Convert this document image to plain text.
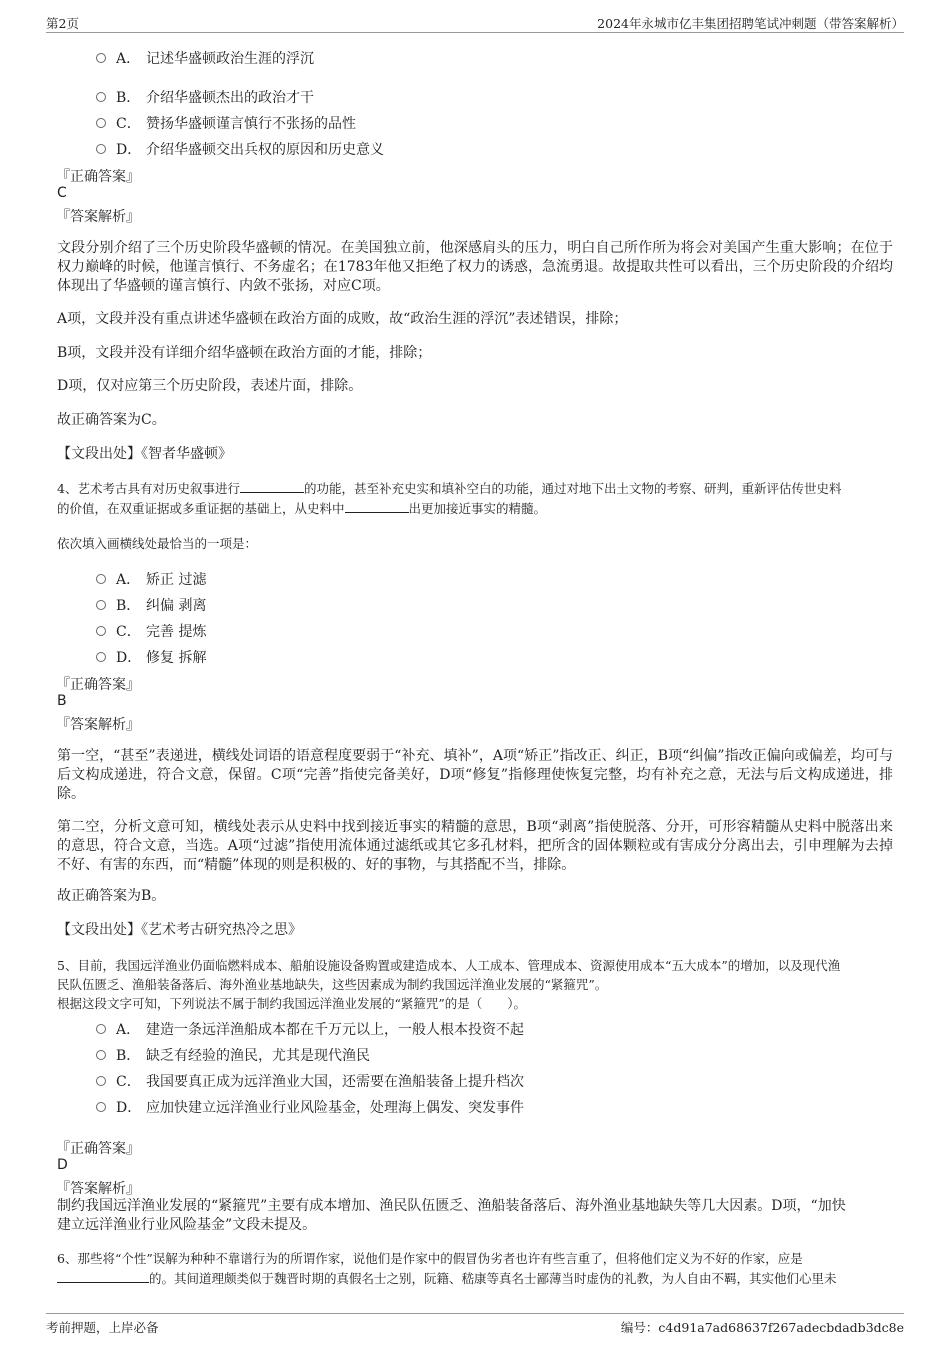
第2页	2024年永城市亿丰集团招聘笔试冲刺题（带答案解析）
A． 记述华盛顿政治生涯的浮沉
B． 介绍华盛顿杰出的政治才干
C． 赞扬华盛顿谨言慎行不张扬的品性
D． 介绍华盛顿交出兵权的原因和历史意义
『正确答案』
C
『答案解析』
文段分别介绍了三个历史阶段华盛顿的情况。在美国独立前，他深感肩头的压力，明白自己所作所为将会对美国产生重大影响；在位于权力巅峰的时候，他谨言慎行、不务虚名；在1783年他又拒绝了权力的诱惑，急流勇退。故提取共性可以看出，三个历史阶段的介绍均体现出了华盛顿的谨言慎行、内敛不张扬，对应C项。
A项，文段并没有重点讲述华盛顿在政治方面的成败，故“政治生涯的浮沉”表述错误，排除；
B项，文段并没有详细介绍华盛顿在政治方面的才能，排除；
D项，仅对应第三个历史阶段，表述片面，排除。
故正确答案为C。
【文段出处】《智者华盛顿》
4、艺术考古具有对历史叙事进行	的功能，甚至补充史实和填补空白的功能，通过对地下出土文物的考察、研判，重新评估传世史料
的价值，在双重证据或多重证据的基础上，从史料中	出更加接近事实的精髓。
依次填入画横线处最恰当的一项是：
A． 矫正 过滤
B． 纠偏 剥离
C． 完善 提炼
D． 修复 拆解
『正确答案』
B
『答案解析』
第一空，“甚至”表递进，横线处词语的语意程度要弱于“补充、填补”，A项“矫正”指改正、纠正，B项“纠偏”指改正偏向或偏差，均可与后文构成递进，符合文意，保留。C项“完善”指使完备美好，D项“修复”指修理使恢复完整，均有补充之意，无法与后文构成递进，排除。
第二空，分析文意可知，横线处表示从史料中找到接近事实的精髓的意思，B项“剥离”指使脱落、分开，可形容精髓从史料中脱落出来的意思，符合文意，当选。A项“过滤”指使用流体通过滤纸或其它多孔材料，把所含的固体颗粒或有害成分分离出去，引申理解为去掉不好、有害的东西，而“精髓”体现的则是积极的、好的事物，与其搭配不当，排除。
故正确答案为B。
【文段出处】《艺术考古研究热冷之思》
5、目前，我国远洋渔业仍面临燃料成本、船舶设施设备购置或建造成本、人工成本、管理成本、资源使用成本“五大成本”的增加，以及现代渔
民队伍匮乏、渔船装备落后、海外渔业基地缺失，这些因素成为制约我国远洋渔业发展的“紧箍咒”。
根据这段文字可知，下列说法不属于制约我国远洋渔业发展的“紧箍咒”的是（　　）。
A． 建造一条远洋渔船成本都在千万元以上，一般人根本投资不起
B． 缺乏有经验的渔民，尤其是现代渔民
C． 我国要真正成为远洋渔业大国，还需要在渔船装备上提升档次
D． 应加快建立远洋渔业行业风险基金，处理海上偶发、突发事件
『正确答案』
D
『答案解析』
制约我国远洋渔业发展的“紧箍咒”主要有成本增加、渔民队伍匮乏、渔船装备落后、海外渔业基地缺失等几大因素。D项，“加快建立远洋渔业行业风险基金”文段未提及。
6、那些将“个性”误解为种种不靠谱行为的所谓作家，说他们是作家中的假冒伪劣者也许有些言重了，但将他们定义为不好的作家，应是
的。其间道理颇类似于魏晋时期的真假名士之别，阮籍、嵇康等真名士鄙薄当时虚伪的礼教，为人自由不羁，其实他们心里未
考前押题，上岸必备	编号：c4d91a7ad68637f267adecbdadb3dc8e
